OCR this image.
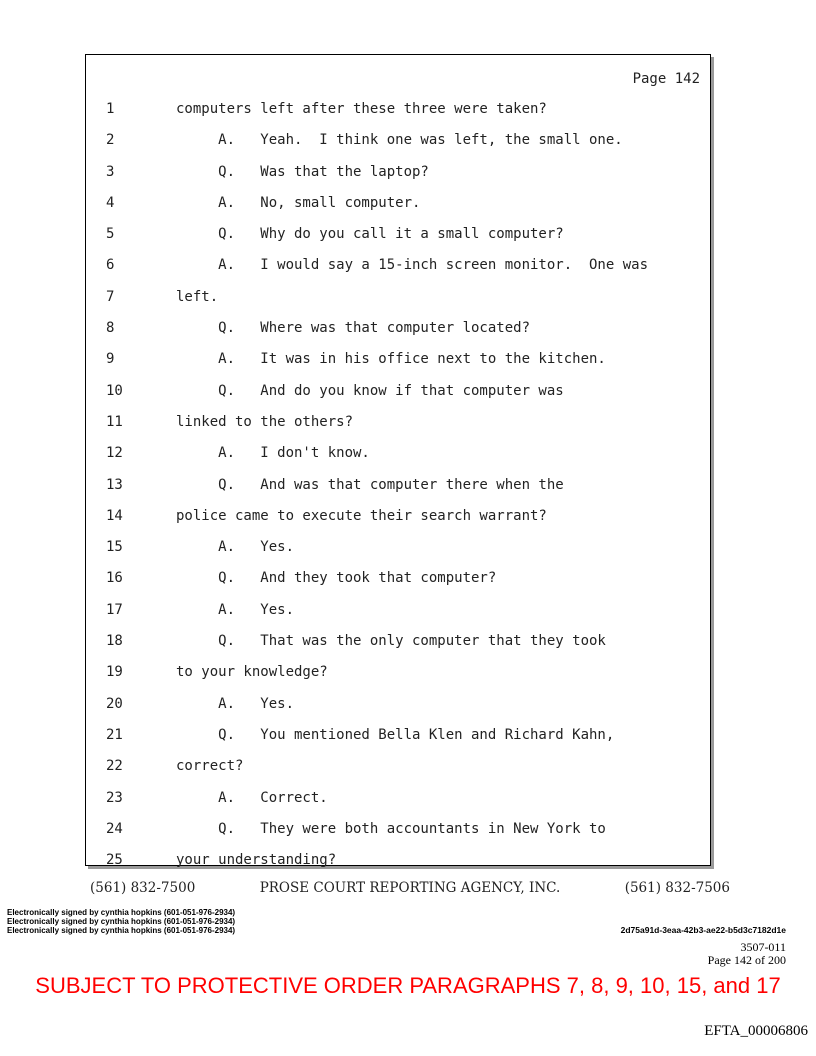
Page 142
1	computers left after these three were taken?
2	A.   Yeah.  I think one was left, the small one.
3	Q.   Was that the laptop?
4	A.   No, small computer.
5	Q.   Why do you call it a small computer?
6	A.   I would say a 15-inch screen monitor.  One was
7	left.
8	Q.   Where was that computer located?
9	A.   It was in his office next to the kitchen.
10	Q.   And do you know if that computer was
11	linked to the others?
12	A.   I don't know.
13	Q.   And was that computer there when the
14	police came to execute their search warrant?
15	A.   Yes.
16	Q.   And they took that computer?
17	A.   Yes.
18	Q.   That was the only computer that they took
19	to your knowledge?
20	A.   Yes.
21	Q.   You mentioned Bella Klen and Richard Kahn,
22	correct?
23	A.   Correct.
24	Q.   They were both accountants in New York to
25	your understanding?
(561) 832-7500	PROSE COURT REPORTING AGENCY, INC.	(561) 832-7506
Electronically signed by cynthia hopkins (601-051-976-2934)
Electronically signed by cynthia hopkins (601-051-976-2934)
Electronically signed by cynthia hopkins (601-051-976-2934)	2d75a91d-3eaa-42b3-ae22-b5d3c7182d1e
3507-011
Page 142 of 200
SUBJECT TO PROTECTIVE ORDER PARAGRAPHS 7, 8, 9, 10, 15, and 17
EFTA_00006806
